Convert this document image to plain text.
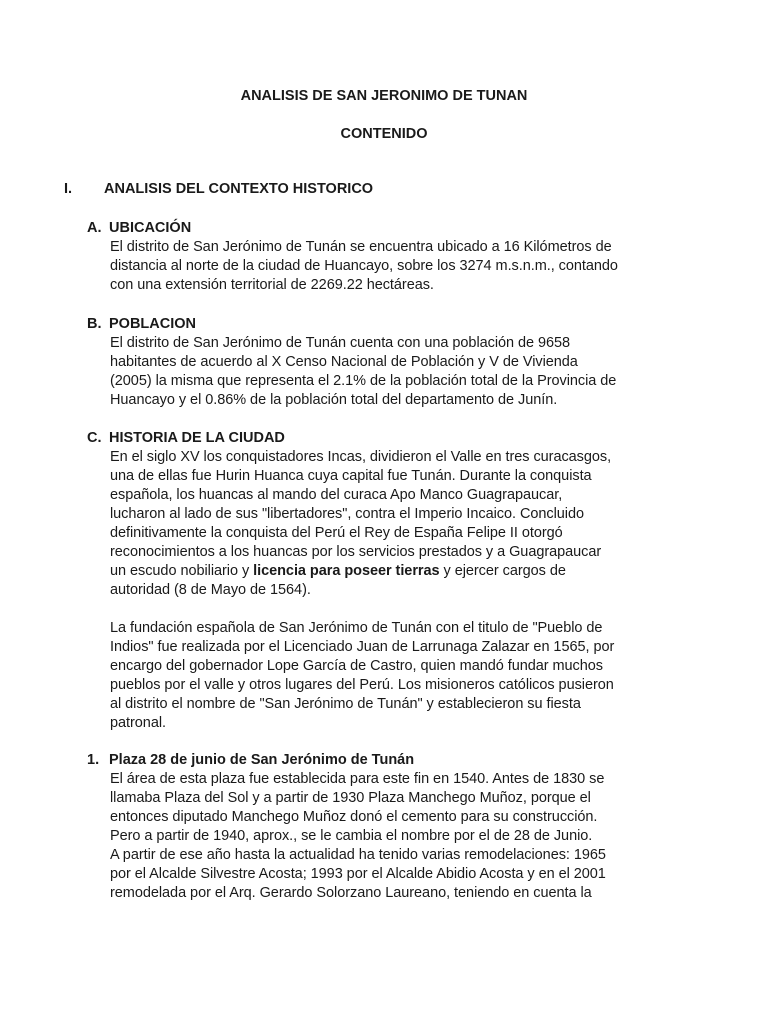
ANALISIS DE SAN JERONIMO DE TUNAN
CONTENIDO
I. ANALISIS DEL CONTEXTO HISTORICO
A. UBICACIÓN

El distrito de San Jerónimo de Tunán se encuentra ubicado a 16 Kilómetros de

distancia al norte de la ciudad de Huancayo, sobre los 3274 m.s.n.m., contando

con una extensión territorial de 2269.22 hectáreas.

B. POBLACION

El distrito de San Jerónimo de Tunán cuenta con una población de 9658

habitantes de acuerdo al X Censo Nacional de Población y V de Vivienda

(2005) la misma que representa el 2.1% de la población total de la Provincia de

Huancayo y el 0.86% de la población total del departamento de Junín.

C. HISTORIA DE LA CIUDAD

En el siglo XV los conquistadores Incas, dividieron el Valle en tres curacasgos,

una de ellas fue Hurin Huanca cuya capital fue Tunán. Durante la conquista

española, los huancas al mando del curaca Apo Manco Guagrapaucar,

lucharon al lado de sus "libertadores", contra el Imperio Incaico. Concluido

definitivamente la conquista del Perú el Rey de España Felipe II otorgó

reconocimientos a los huancas por los servicios prestados y a Guagrapaucar

un escudo nobiliario y licencia para poseer tierras y ejercer cargos de

autoridad (8 de Mayo de 1564).

La fundación española de San Jerónimo de Tunán con el titulo de "Pueblo de

Indios" fue realizada por el Licenciado Juan de Larrunaga Zalazar en 1565, por

encargo del gobernador Lope García de Castro, quien mandó fundar muchos

pueblos por el valle y otros lugares del Perú. Los misioneros católicos pusieron

al distrito el nombre de "San Jerónimo de Tunán" y establecieron su fiesta

patronal.

1. Plaza 28 de junio de San Jerónimo de Tunán

El área de esta plaza fue establecida para este fin en 1540. Antes de 1830 se

llamaba Plaza del Sol y a partir de 1930 Plaza Manchego Muñoz, porque el

entonces diputado Manchego Muñoz donó el cemento para su construcción.

Pero a partir de 1940, aprox., se le cambia el nombre por el de 28 de Junio.

A partir de ese año hasta la actualidad ha tenido varias remodelaciones: 1965

por el Alcalde Silvestre Acosta; 1993 por el Alcalde Abidio Acosta y en el 2001

remodelada por el Arq. Gerardo Solorzano Laureano, teniendo en cuenta la
